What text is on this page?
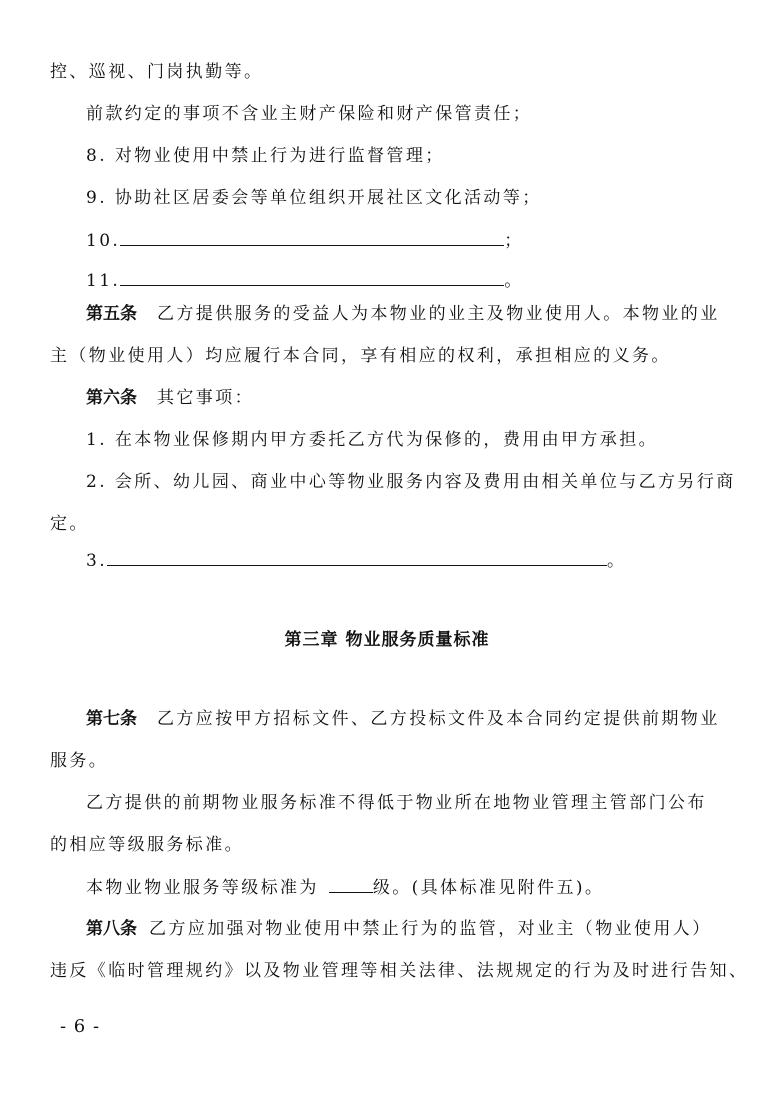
控、巡视、门岗执勤等。
前款约定的事项不含业主财产保险和财产保管责任；
8. 对物业使用中禁止行为进行监督管理；
9. 协助社区居委会等单位组织开展社区文化活动等；
10.	；
11.	。
第五条 乙方提供服务的受益人为本物业的业主及物业使用人。本物业的业
主（物业使用人）均应履行本合同，享有相应的权利，承担相应的义务。
第六条 其它事项：
1. 在本物业保修期内甲方委托乙方代为保修的，费用由甲方承担。
2. 会所、幼儿园、商业中心等物业服务内容及费用由相关单位与乙方另行商
定。
3.	。
第三章 物业服务质量标准
第七条 乙方应按甲方招标文件、乙方投标文件及本合同约定提供前期物业
服务。
乙方提供的前期物业服务标准不得低于物业所在地物业管理主管部门公布
的相应等级服务标准。
本物业物业服务等级标准为	级。(具体标准见附件五)。
第八条 乙方应加强对物业使用中禁止行为的监管，对业主（物业使用人）
违反《临时管理规约》以及物业管理等相关法律、法规规定的行为及时进行告知、
- 6 -
